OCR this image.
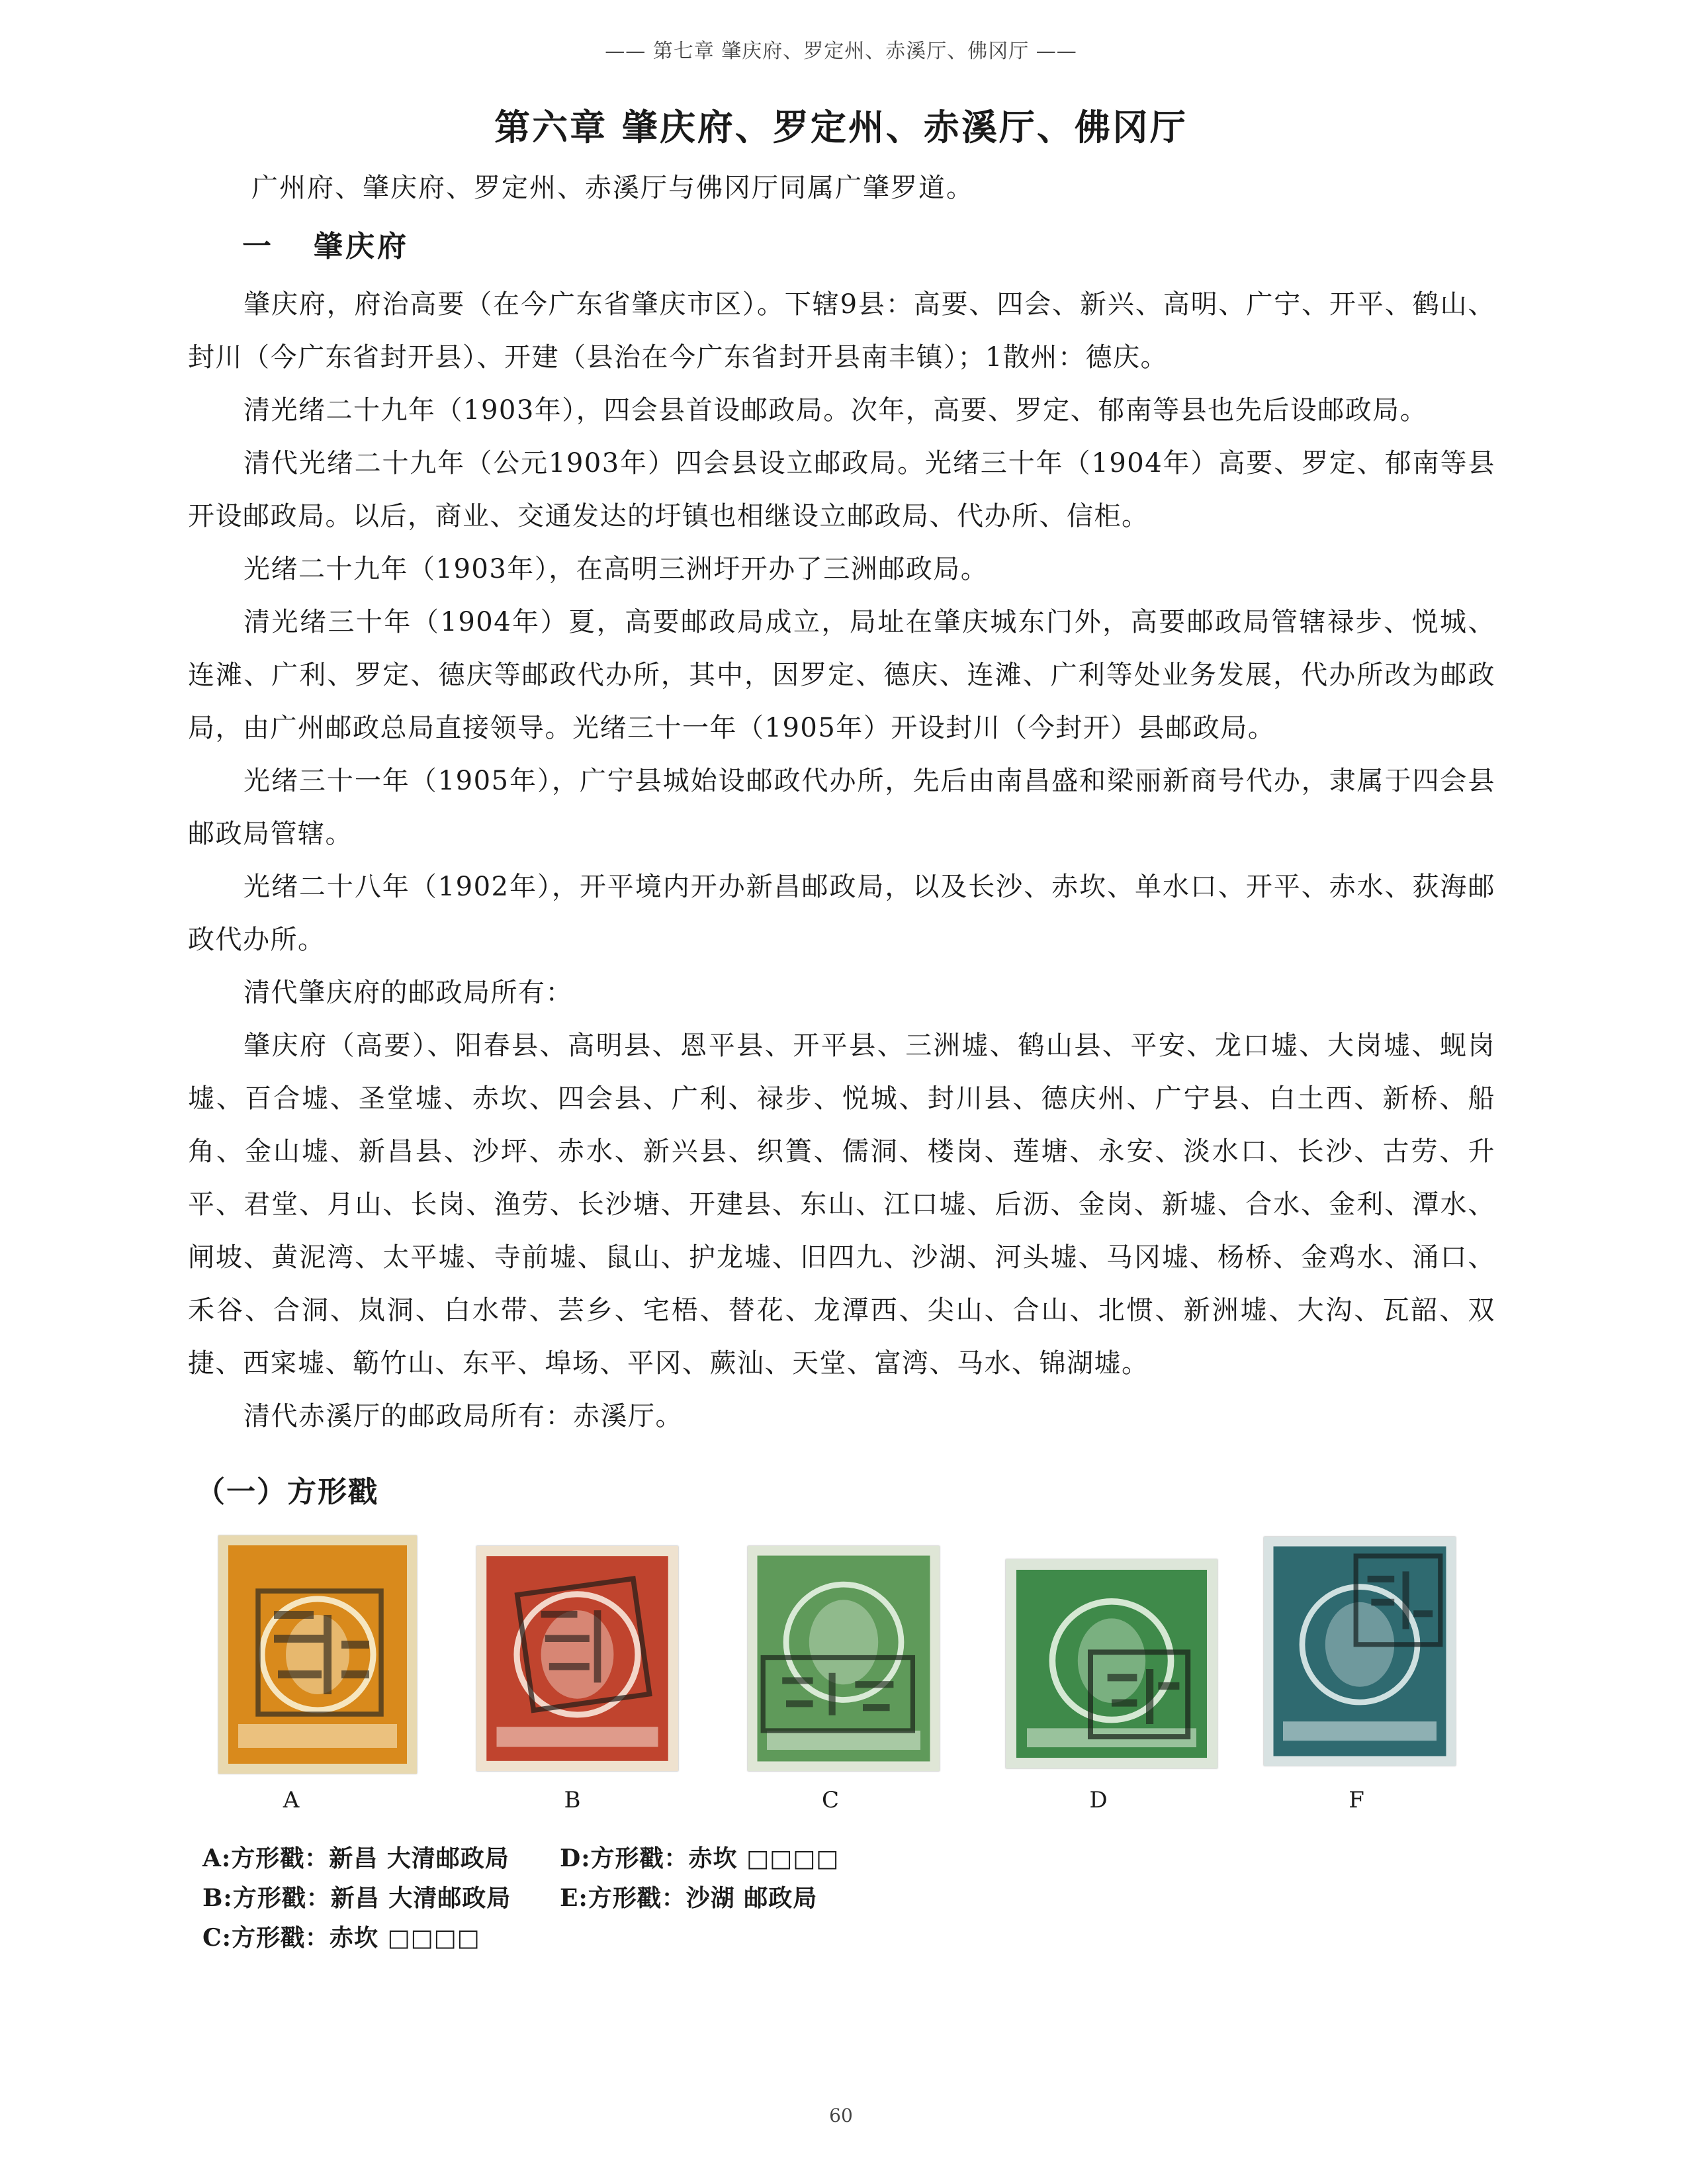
—— 第七章 肇庆府、罗定州、赤溪厅、佛冈厅 ——
第六章 肇庆府、罗定州、赤溪厅、佛冈厅
广州府、肇庆府、罗定州、赤溪厅与佛冈厅同属广肇罗道。
一 肇庆府

肇庆府，府治高要（在今广东省肇庆市区）。下辖9县：高要、四会、新兴、高明、广宁、开平、鹤山、封川（今广东省封开县）、开建（县治在今广东省封开县南丰镇）；1散州：德庆。

清光绪二十九年（1903年），四会县首设邮政局。次年，高要、罗定、郁南等县也先后设邮政局。

清代光绪二十九年（公元1903年）四会县设立邮政局。光绪三十年（1904年）高要、罗定、郁南等县开设邮政局。以后，商业、交通发达的圩镇也相继设立邮政局、代办所、信柜。

光绪二十九年（1903年），在高明三洲圩开办了三洲邮政局。

清光绪三十年（1904年）夏，高要邮政局成立，局址在肇庆城东门外，高要邮政局管辖禄步、悦城、连滩、广利、罗定、德庆等邮政代办所，其中，因罗定、德庆、连滩、广利等处业务发展，代办所改为邮政局，由广州邮政总局直接领导。光绪三十一年（1905年）开设封川（今封开）县邮政局。

光绪三十一年（1905年），广宁县城始设邮政代办所，先后由南昌盛和梁丽新商号代办，隶属于四会县邮政局管辖。

光绪二十八年（1902年），开平境内开办新昌邮政局，以及长沙、赤坎、单水口、开平、赤水、荻海邮政代办所。

清代肇庆府的邮政局所有：

肇庆府（高要）、阳春县、高明县、恩平县、开平县、三洲墟、鹤山县、平安、龙口墟、大岗墟、蚬岗墟、百合墟、圣堂墟、赤坎、四会县、广利、禄步、悦城、封川县、德庆州、广宁县、白土西、新桥、船角、金山墟、新昌县、沙坪、赤水、新兴县、织簣、儒洞、楼岗、莲塘、永安、淡水口、长沙、古劳、升平、君堂、月山、长岗、渔劳、长沙塘、开建县、东山、江口墟、后沥、金岗、新墟、合水、金利、潭水、闸坡、黄泥湾、太平墟、寺前墟、鼠山、护龙墟、旧四九、沙湖、河头墟、马冈墟、杨桥、金鸡水、涌口、禾谷、合洞、岚洞、白水带、芸乡、宅梧、替花、龙潭西、尖山、合山、北惯、新洲墟、大沟、瓦韶、双捷、西寀墟、簕竹山、东平、埠场、平冈、蕨汕、天堂、富湾、马水、锦湖墟。

清代赤溪厅的邮政局所有：赤溪厅。

（一）方形戳
A	B	C	D	F
A:方形戳：新昌 大清邮政局 D:方形戳：赤坎 □□□□
B:方形戳：新昌 大清邮政局 E:方形戳：沙湖 邮政局
C:方形戳：赤坎 □□□□
60
